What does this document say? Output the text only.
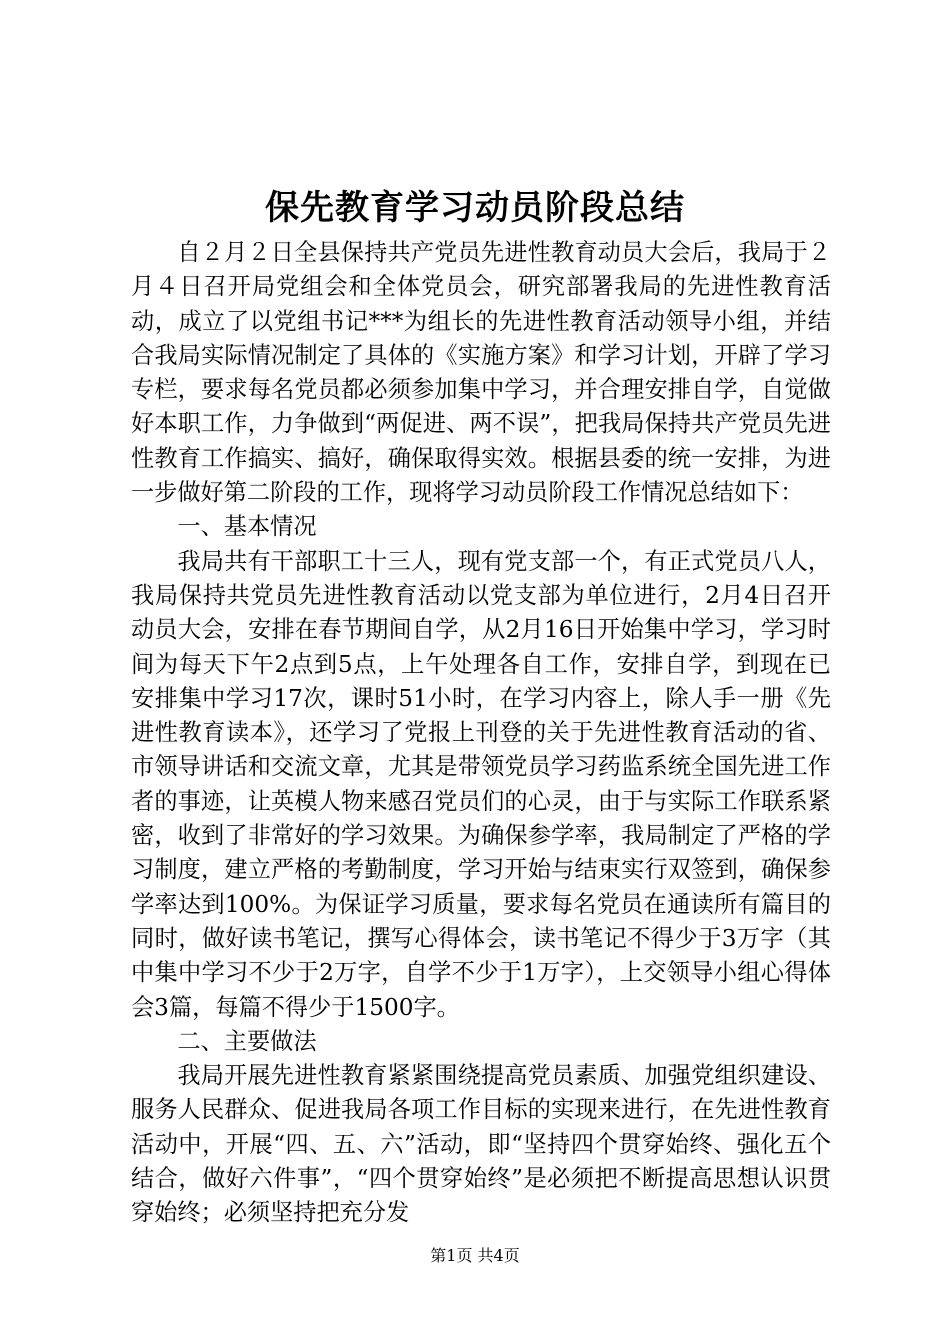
保先教育学习动员阶段总结

自２月２日全县保持共产党员先进性教育动员大会后，我局于２月４日召开局党组会和全体党员会，研究部署我局的先进性教育活动，成立了以党组书记***为组长的先进性教育活动领导小组，并结合我局实际情况制定了具体的《实施方案》和学习计划，开辟了学习专栏，要求每名党员都必须参加集中学习，并合理安排自学，自觉做好本职工作，力争做到“两促进、两不误”，把我局保持共产党员先进性教育工作搞实、搞好，确保取得实效。根据县委的统一安排，为进一步做好第二阶段的工作，现将学习动员阶段工作情况总结如下：

一、基本情况

我局共有干部职工十三人，现有党支部一个，有正式党员八人，我局保持共党员先进性教育活动以党支部为单位进行，2月4日召开动员大会，安排在春节期间自学，从2月16日开始集中学习，学习时间为每天下午2点到5点，上午处理各自工作，安排自学，到现在已安排集中学习17次，课时51小时，在学习内容上，除人手一册《先进性教育读本》，还学习了党报上刊登的关于先进性教育活动的省、市领导讲话和交流文章，尤其是带领党员学习药监系统全国先进工作者的事迹，让英模人物来感召党员们的心灵，由于与实际工作联系紧密，收到了非常好的学习效果。为确保参学率，我局制定了严格的学习制度，建立严格的考勤制度，学习开始与结束实行双签到，确保参学率达到100%。为保证学习质量，要求每名党员在通读所有篇目的同时，做好读书笔记，撰写心得体会，读书笔记不得少于3万字（其中集中学习不少于2万字，自学不少于1万字），上交领导小组心得体会3篇，每篇不得少于1500字。

二、主要做法

我局开展先进性教育紧紧围绕提高党员素质、加强党组织建设、服务人民群众、促进我局各项工作目标的实现来进行，在先进性教育活动中，开展“四、五、六”活动，即“坚持四个贯穿始终、强化五个结合，做好六件事”，“四个贯穿始终”是必须把不断提高思想认识贯穿始终；必须坚持把充分发

第1页 共4页
